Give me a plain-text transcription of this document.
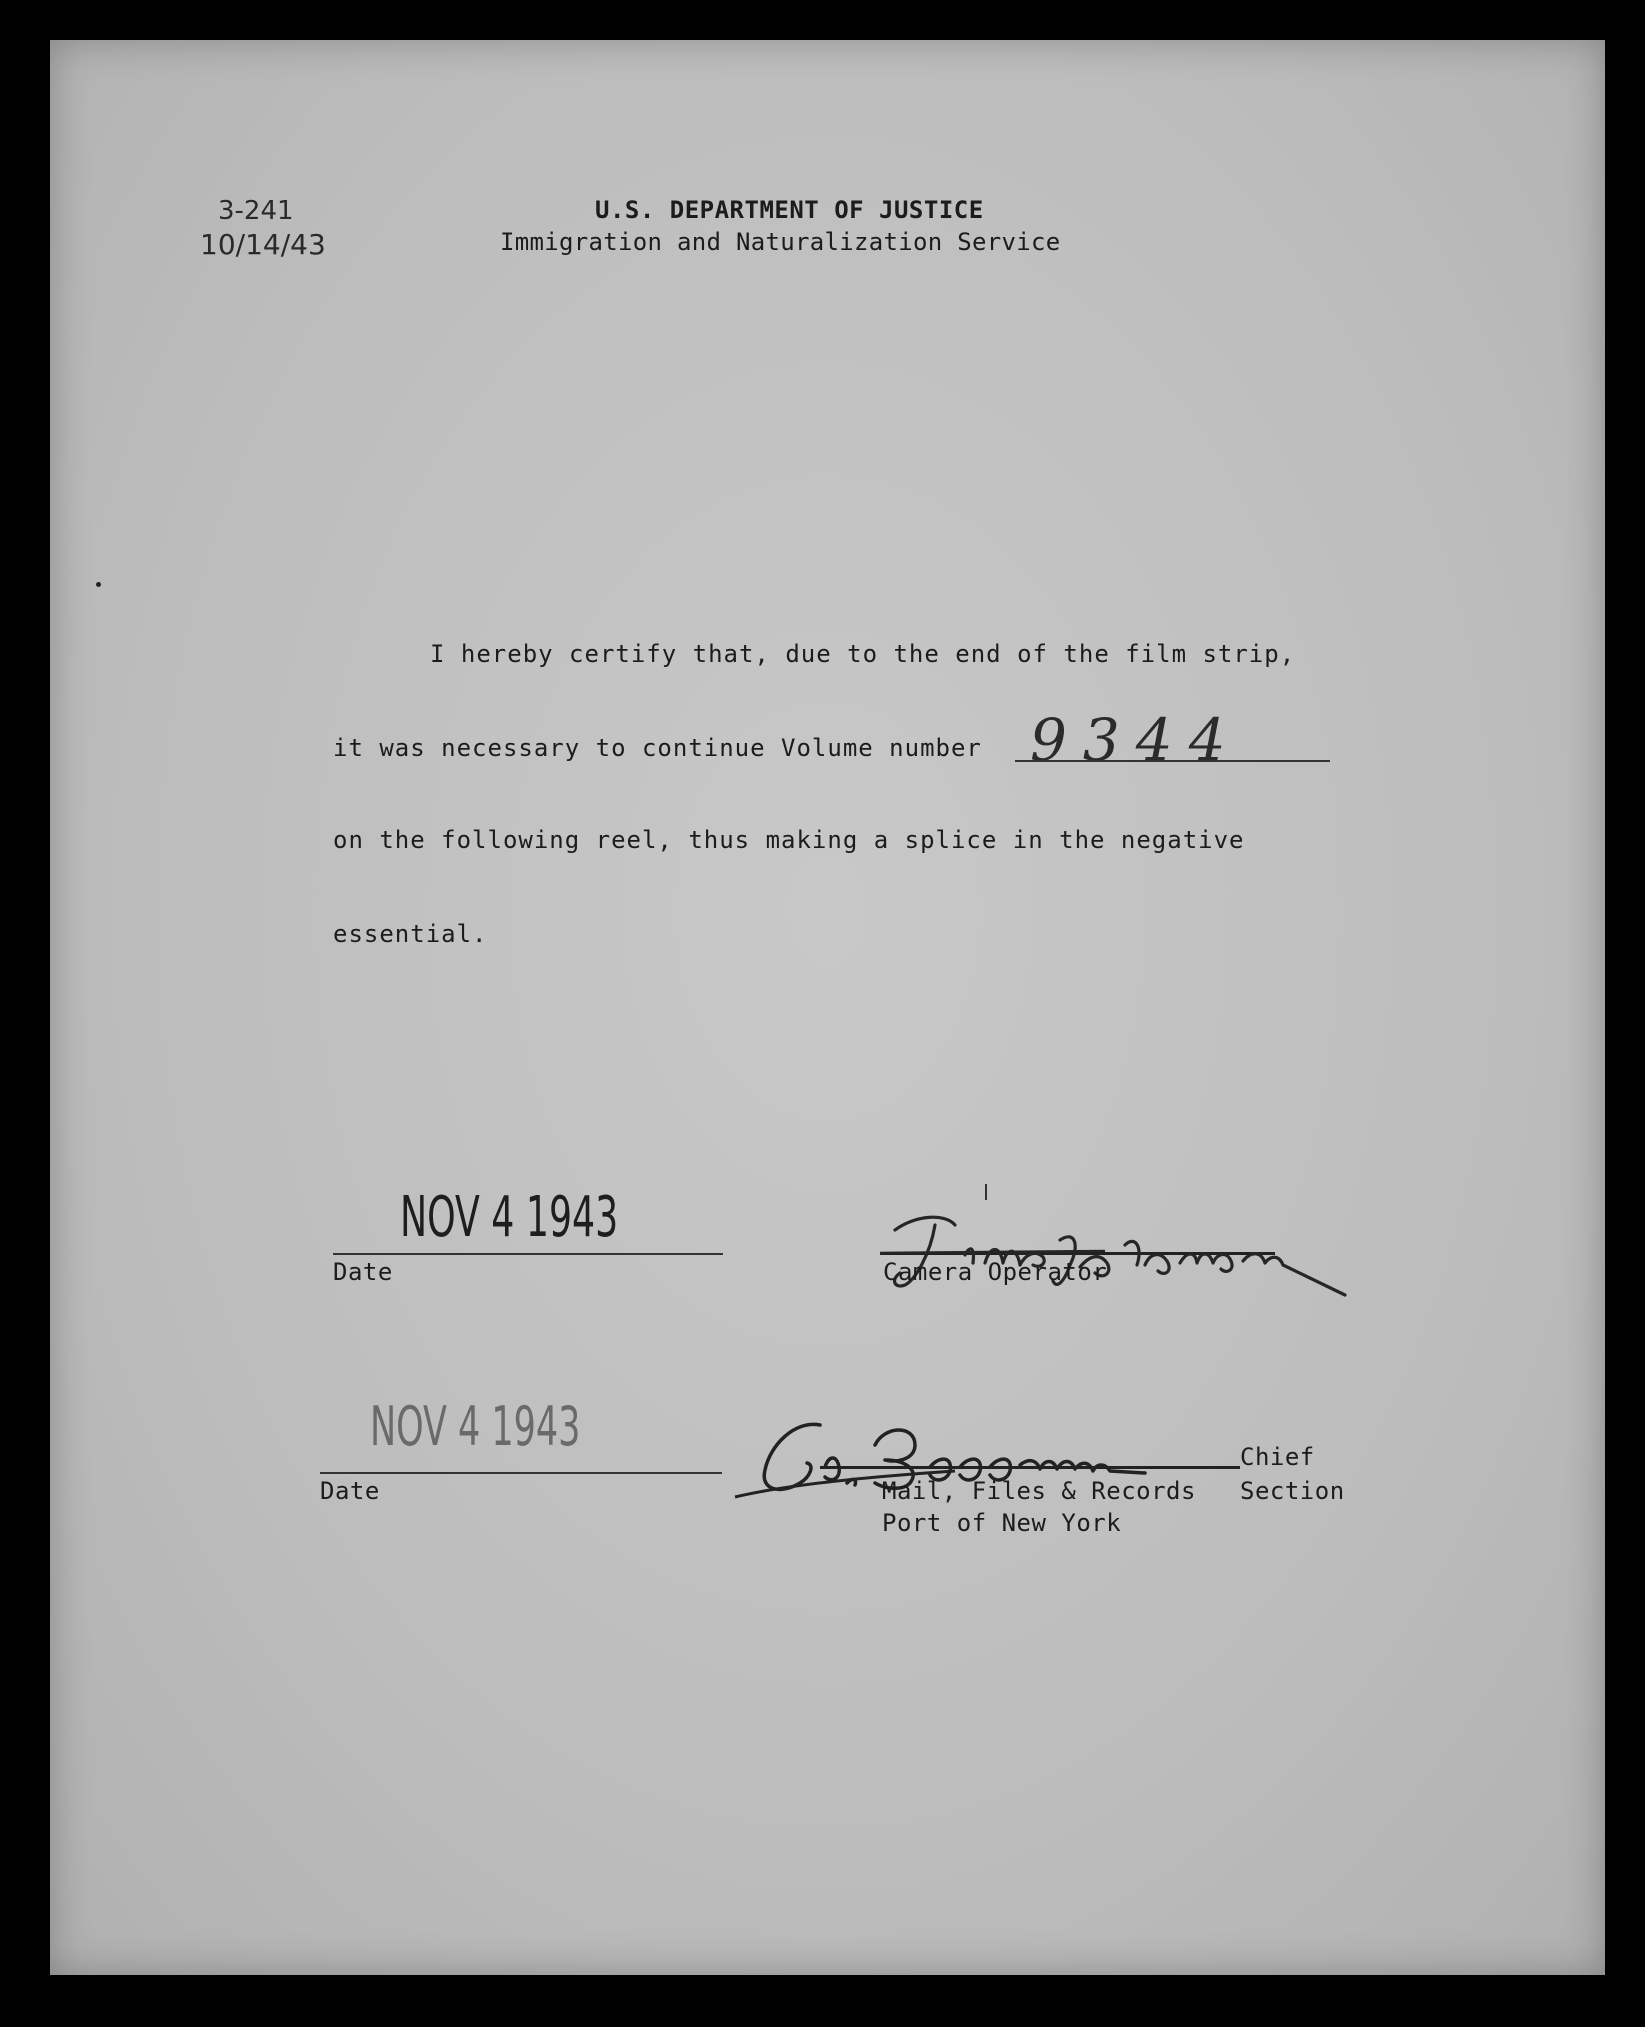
3-241
10/14/43
U.S. DEPARTMENT OF JUSTICE
Immigration and Naturalization Service
I hereby certify that, due to the end of the film strip,
it was necessary to continue Volume number 9344
on the following reel, thus making a splice in the negative
essential.
NOV 4 1943
Date	Camera Operator
NOV 4 1943
Date
Chief
Mail, Files & Records Section
Port of New York
